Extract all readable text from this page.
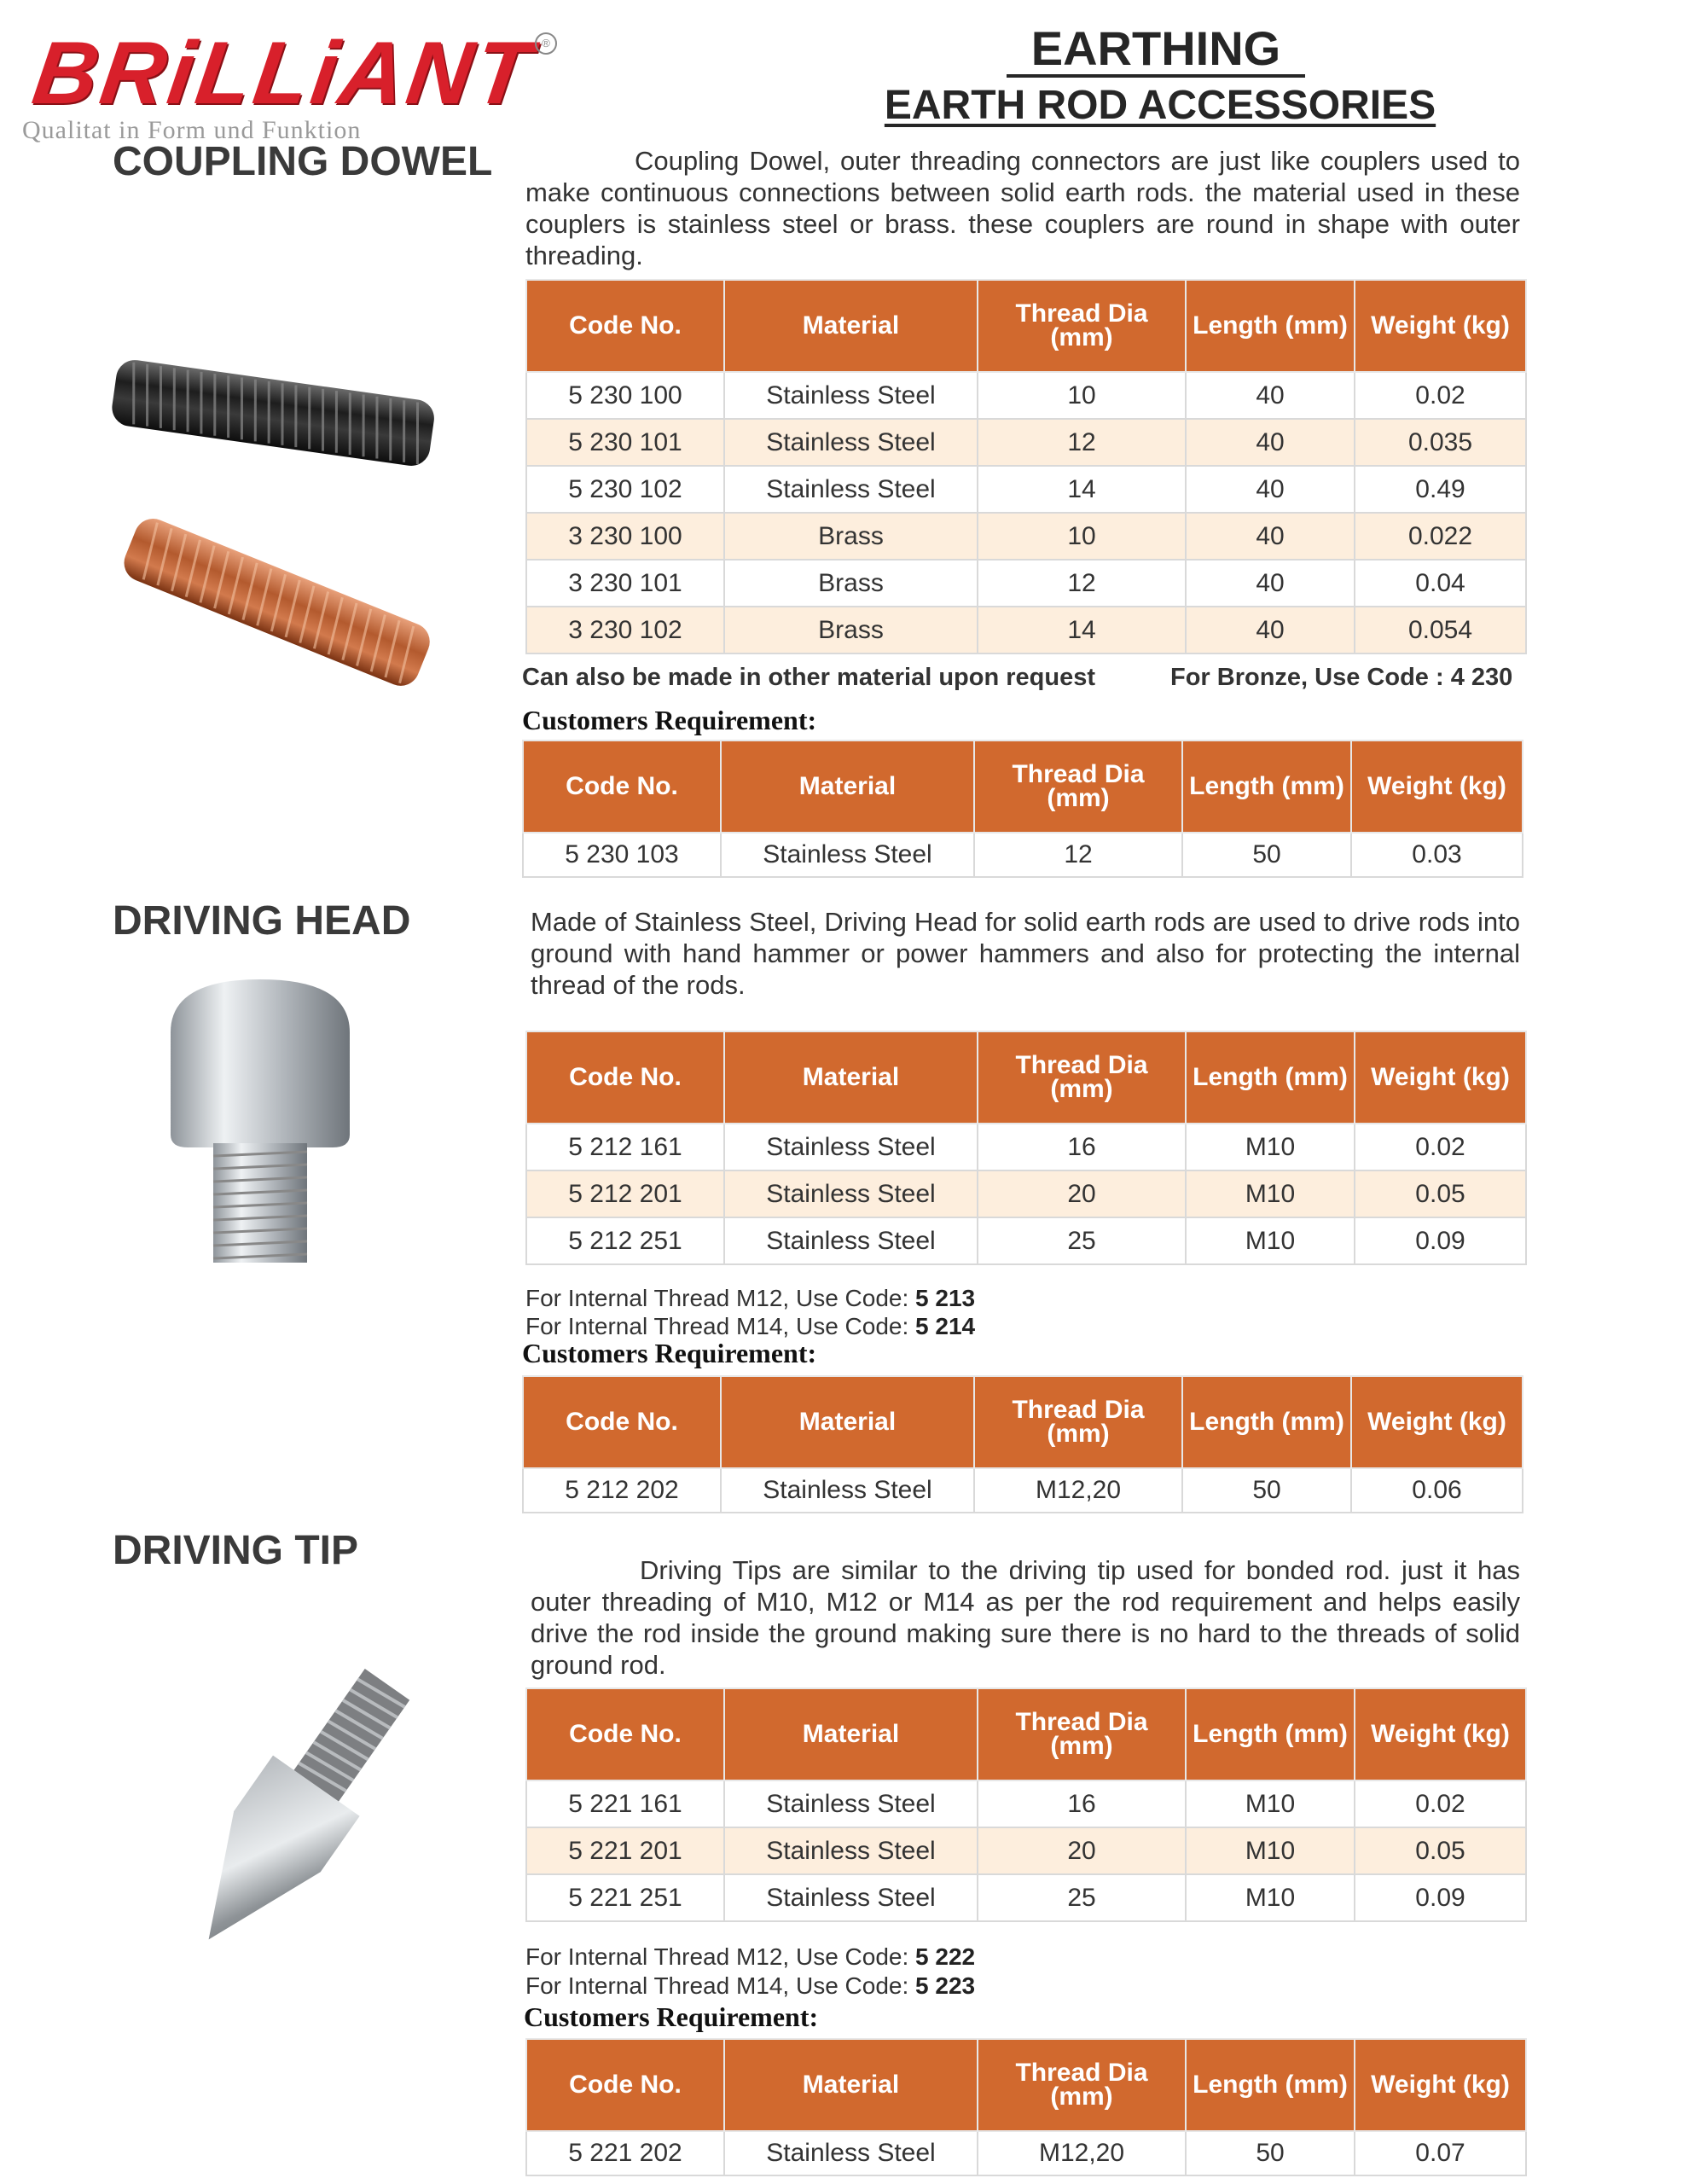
BRiLLiANT ®
Qualitat in Form und Funktion
EARTHING
EARTH ROD ACCESSORIES
COUPLING DOWEL	Coupling Dowel, outer threading connectors are just like couplers used to make continuous connections between solid earth rods. the material used in these couplers is stainless steel or brass. these couplers are round in shape with outer threading.
Code No.	Material	Thread Dia (mm)	Length (mm)	Weight (kg)
5 230 100	Stainless Steel	10	40	0.02
5 230 101	Stainless Steel	12	40	0.035
5 230 102	Stainless Steel	14	40	0.49
3 230 100	Brass	10	40	0.022
3 230 101	Brass	12	40	0.04
3 230 102	Brass	14	40	0.054
Can also be made in other material upon request	For Bronze, Use Code : 4 230
Customers Requirement:
Code No.	Material	Thread Dia (mm)	Length (mm)	Weight (kg)
5 230 103	Stainless Steel	12	50	0.03
DRIVING HEAD	Made of Stainless Steel, Driving Head for solid earth rods are used to drive rods into ground with hand hammer or power hammers and also for protecting the internal thread of the rods.
Code No.	Material	Thread Dia (mm)	Length (mm)	Weight (kg)
5 212 161	Stainless Steel	16	M10	0.02
5 212 201	Stainless Steel	20	M10	0.05
5 212 251	Stainless Steel	25	M10	0.09
For Internal Thread M12, Use Code: 5 213
For Internal Thread M14, Use Code: 5 214
Customers Requirement:
Code No.	Material	Thread Dia (mm)	Length (mm)	Weight (kg)
5 212 202	Stainless Steel	M12,20	50	0.06
DRIVING TIP	Driving Tips are similar to the driving tip used for bonded rod. just it has outer threading of M10, M12 or M14 as per the rod requirement and helps easily drive the rod inside the ground making sure there is no hard to the threads of solid ground rod.
Code No.	Material	Thread Dia (mm)	Length (mm)	Weight (kg)
5 221 161	Stainless Steel	16	M10	0.02
5 221 201	Stainless Steel	20	M10	0.05
5 221 251	Stainless Steel	25	M10	0.09
For Internal Thread M12, Use Code: 5 222
For Internal Thread M14, Use Code: 5 223
Customers Requirement:
Code No.	Material	Thread Dia (mm)	Length (mm)	Weight (kg)
5 221 202	Stainless Steel	M12,20	50	0.07
